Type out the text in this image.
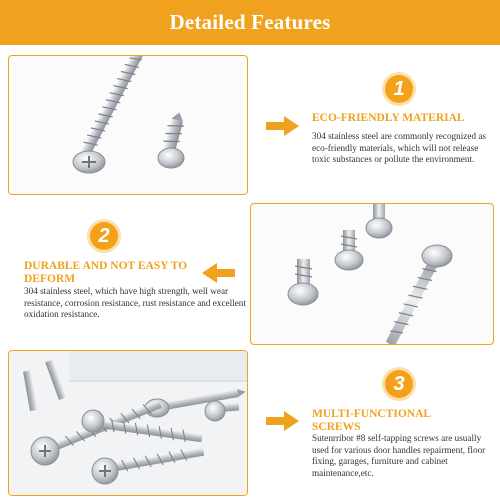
Detailed Features
1
ECO-FRIENDLY MATERIAL
304 stainless steel are commonly recognized as eco-friendly materials, which will not release toxic substances or pollute the environment.
2
DURABLE AND NOT EASY TO DEFORM
304 stainless steel, which have high strength, well wear resistance, corrosion resistance, rust resistance and excellent oxidation resistance.
3
MULTI-FUNCTIONAL SCREWS
Sutenrribor #8 self-tapping screws are usually used for various door handles repairment, floor fixing, garages, furniture and cabinet maintenance,etc.
